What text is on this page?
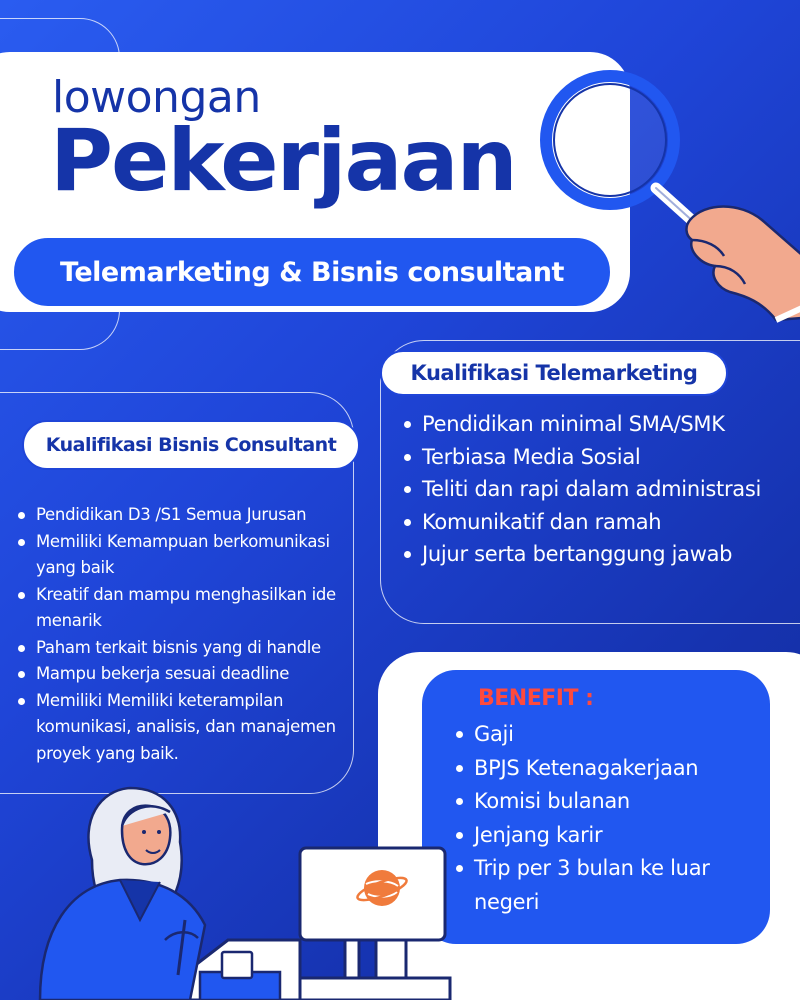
lowongan
Pekerjaan
Telemarketing & Bisnis consultant
Kualifikasi Telemarketing
Pendidikan minimal SMA/SMK
Terbiasa Media Sosial
Teliti dan rapi dalam administrasi
Komunikatif dan ramah
Jujur serta bertanggung jawab
Kualifikasi Bisnis Consultant
Pendidikan D3 /S1 Semua Jurusan
Memiliki Kemampuan berkomunikasi yang baik
Kreatif dan mampu menghasilkan ide menarik
Paham terkait bisnis yang di handle
Mampu bekerja sesuai deadline
Memiliki Memiliki keterampilan komunikasi, analisis, dan manajemen proyek yang baik.
BENEFIT :
Gaji
BPJS Ketenagakerjaan
Komisi bulanan
Jenjang karir
Trip per 3 bulan ke luar negeri
